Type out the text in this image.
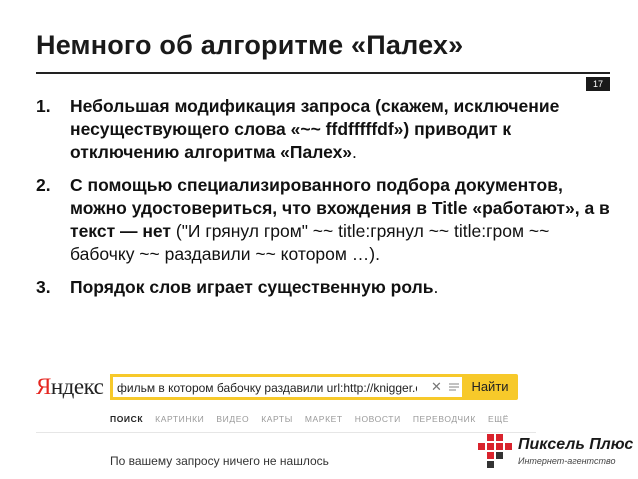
Немного об алгоритме «Палех»
17
1. Небольшая модификация запроса (скажем, исключение несуществующего слова «~~ ffdfffffdf») приводит к отключению алгоритма «Палех».
2. С помощью специализированного подбора документов, можно удостовериться, что вхождения в Title «работают», а в текст — нет ("И грянул гром" ~~ title:грянул ~~ title:гром ~~ бабочку ~~ раздавили ~~ котором …).
3. Порядок слов играет существенную роль.
Яндекс
фильм в котором бабочку раздавили url:http://knigger.org/	✕	Найти
ПОИСК КАРТИНКИ ВИДЕО КАРТЫ МАРКЕТ НОВОСТИ ПЕРЕВОДЧИК ЕЩЁ
По вашему запросу ничего не нашлось
Пиксель Плюс
Интернет-агентство
